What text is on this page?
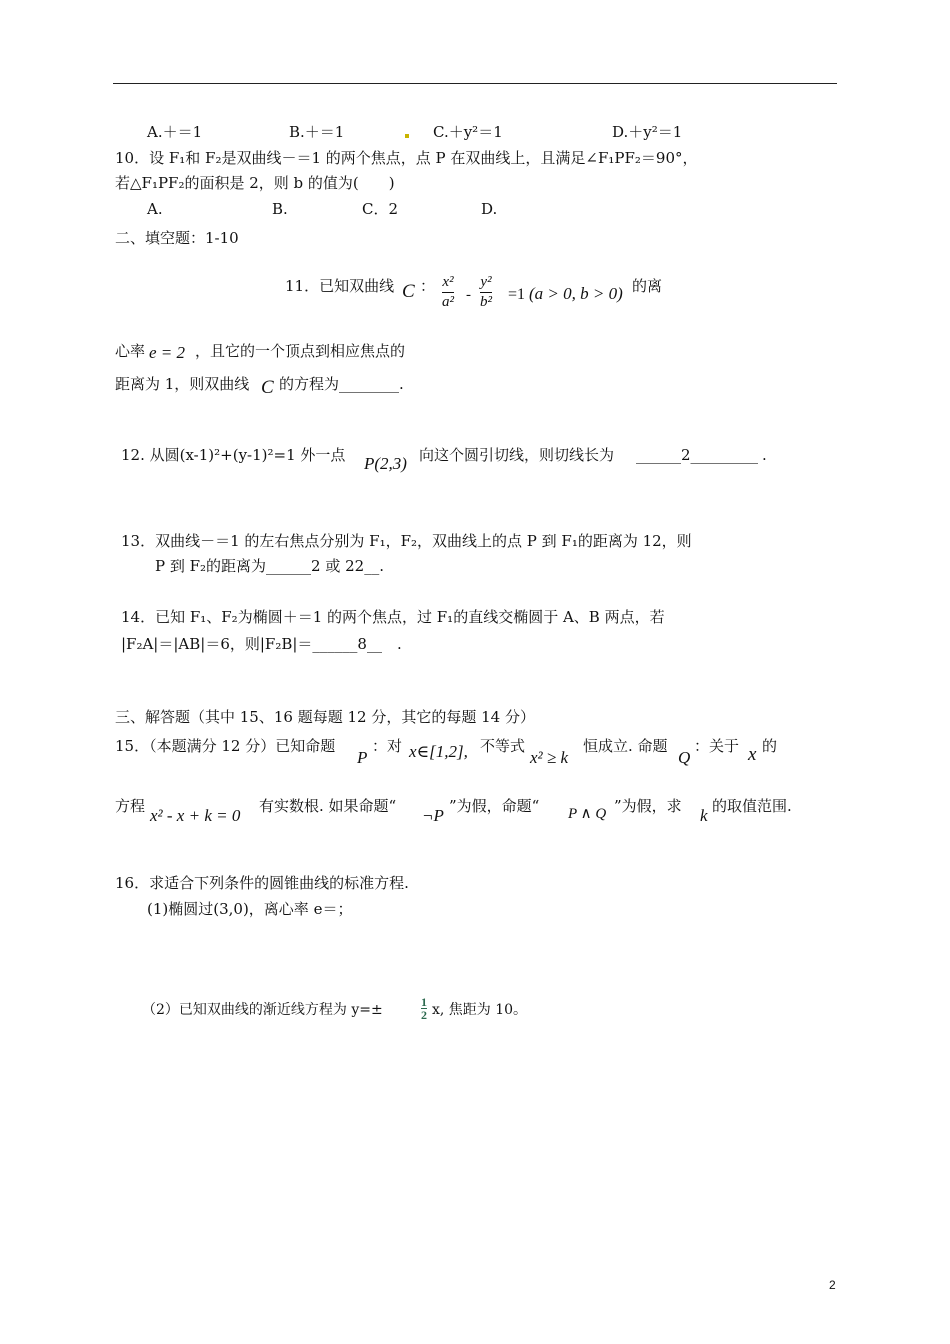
A.＋＝1	B.＋＝1	C.＋y²＝1	D.＋y²＝1
10．设 F₁和 F₂是双曲线－＝1 的两个焦点，点 P 在双曲线上，且满足∠F₁PF₂＝90°，
若△F₁PF₂的面积是 2，则 b 的值为(　　)
A.	B.	C．2	D.
二、填空题：1-10
11．已知双曲线 C ： x²
a² -
y²
b² =1 (a > 0, b > 0) 的离
心率 e = 2 ，且它的一个顶点到相应焦点的
距离为 1，则双曲线 C 的方程为________.
12. 从圆(x-1)²+(y-1)²=1 外一点 P(2,3) 向这个圆引切线，则切线长为 ______2_________ .
13．双曲线－＝1 的左右焦点分别为 F₁，F₂，双曲线上的点 P 到 F₁的距离为 12，则
P 到 F₂的距离为______2 或 22__.
14．已知 F₁、F₂为椭圆＋＝1 的两个焦点，过 F₁的直线交椭圆于 A、B 两点，若
|F₂A|＝|AB|＝6，则|F₂B|＝______8__　.
三、解答题（其中 15、16 题每题 12 分，其它的每题 14 分）
15．（本题满分 12 分）已知命题
P
：对 x∈[1,2], 不等式
x² ≥ k
恒成立. 命题
Q
：关于 x 的
方程 x² - x + k = 0 有实数根. 如果命题“ ¬P ”为假，命题“ P ∧ Q ”为假，求 k 的取值范围.
16．求适合下列条件的圆锥曲线的标准方程.
(1)椭圆过(3,0)，离心率 e＝；
（2）已知双曲线的渐近线方程为 y=±	1
2 x, 焦距为 10。
2
